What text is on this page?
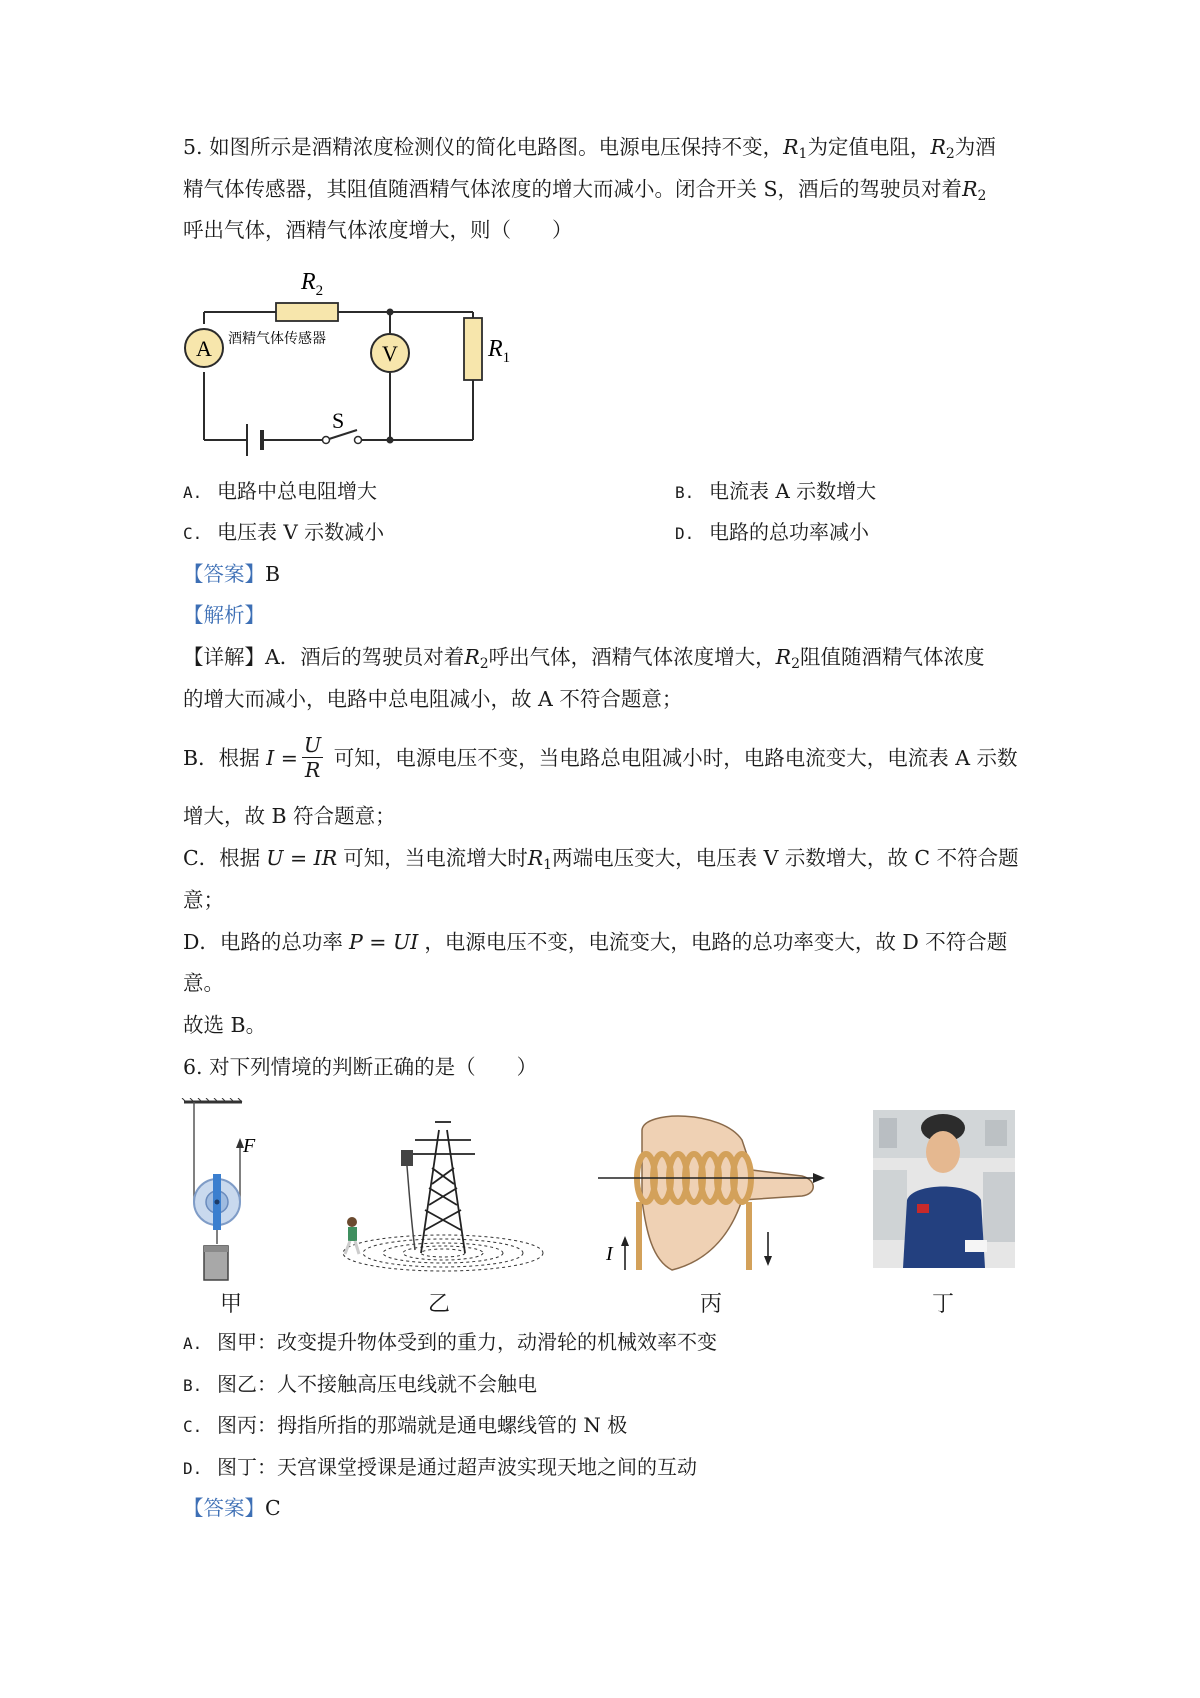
5. 如图所示是酒精浓度检测仪的简化电路图。电源电压保持不变，$R_1$为定值电阻，$R_2$为酒
精气体传感器，其阻值随酒精气体浓度的增大而减小。闭合开关 S，酒后的驾驶员对着$R_2$
呼出气体，酒精气体浓度增大，则（　　）
S
$R_2$
酒精气体传感器
A	V	$R_1$
A. 电路中总电阻增大	B. 电流表 A 示数增大
C. 电压表 V 示数减小	D. 电路的总功率减小
【答案】B
【解析】
【详解】A．酒后的驾驶员对着$R_2$呼出气体，酒精气体浓度增大，$R_2$阻值随酒精气体浓度
的增大而减小，电路中总电阻减小，故 A 不符合题意；
B．根据 $I = \frac{U}{R}$ 可知，电源电压不变，当电路总电阻减小时，电路电流变大，电流表 A 示数
增大，故 B 符合题意；
C．根据 U = IR 可知，当电流增大时$R_1$两端电压变大，电压表 V 示数增大，故 C 不符合题
意；
D．电路的总功率 P = UI ，电源电压不变，电流变大，电路的总功率变大，故 D 不符合题
意。
故选 B。
6. 对下列情境的判断正确的是（　　）
F
甲	乙
I
丙	丁
A. 图甲：改变提升物体受到的重力，动滑轮的机械效率不变
B. 图乙：人不接触高压电线就不会触电
C. 图丙：拇指所指的那端就是通电螺线管的 N 极
D. 图丁：天宫课堂授课是通过超声波实现天地之间的互动
【答案】C
